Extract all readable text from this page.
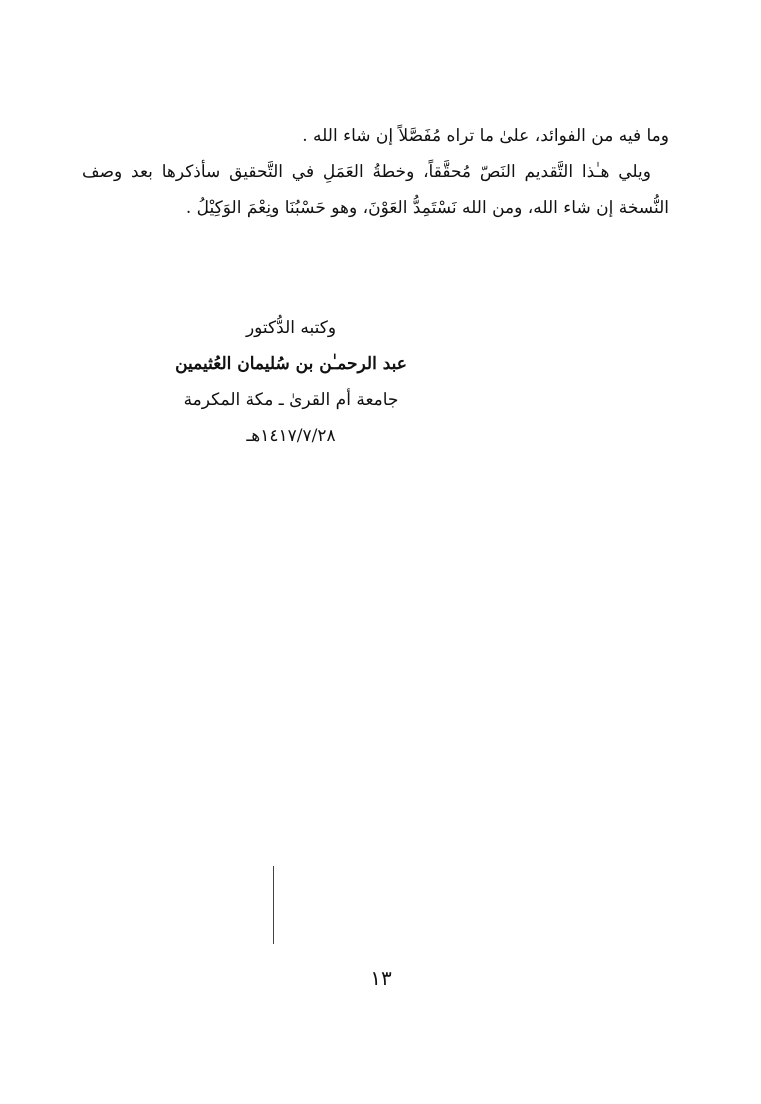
وما فيه من الفوائد، علىٰ ما تراه مُفَصَّلاً إن شاء الله .

ويلي هـٰذا التَّقديم النَصّ مُحقَّقاً، وخطةُ العَمَلِ في التَّحقيق سأذكرها بعد وصف النُّسخة إن شاء الله، ومن الله نَسْتَمِدُّ العَوْنَ، وهو حَسْبُنَا ونِعْمَ الوَكِيْلُ .

وكتبه الدُّكتور
عبد الرحمـٰن بن سُليمان العُثيمين
جامعة أم القرىٰ ـ مكة المكرمة
١٤١٧/٧/٢٨هـ
١٣
